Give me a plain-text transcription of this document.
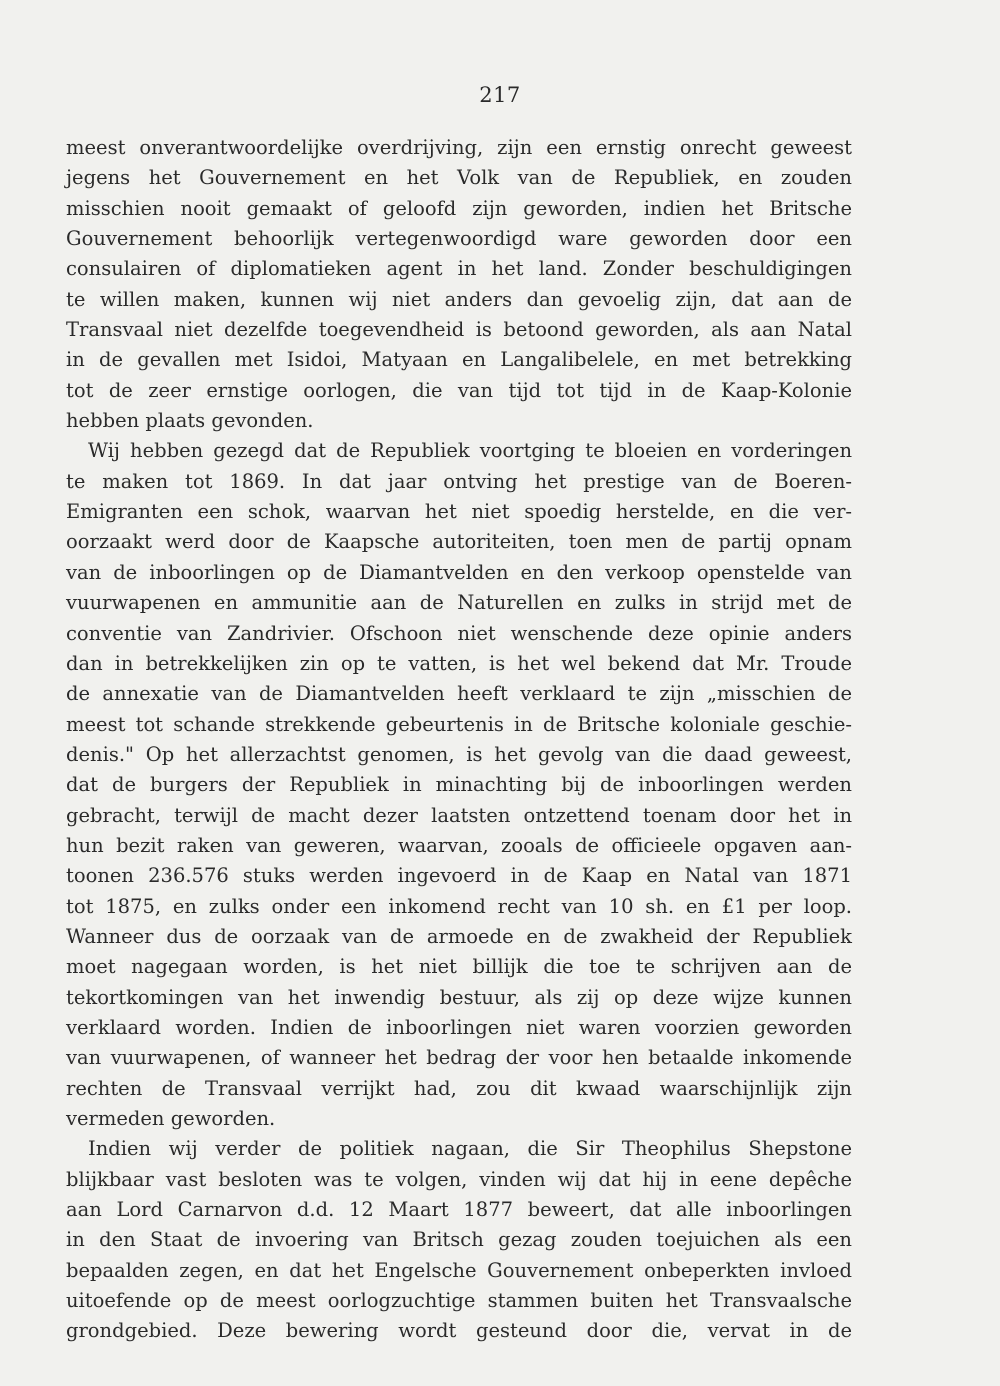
217
meest onverantwoordelijke overdrijving, zijn een ernstig onrecht geweest
jegens het Gouvernement en het Volk van de Republiek, en zouden
misschien nooit gemaakt of geloofd zijn geworden, indien het Britsche
Gouvernement behoorlijk vertegenwoordigd ware geworden door een
consulairen of diplomatieken agent in het land. Zonder beschuldigingen
te willen maken, kunnen wij niet anders dan gevoelig zijn, dat aan de
Transvaal niet dezelfde toegevendheid is betoond geworden, als aan Natal
in de gevallen met Isidoi, Matyaan en Langalibelele, en met betrekking
tot de zeer ernstige oorlogen, die van tijd tot tijd in de Kaap-Kolonie
hebben plaats gevonden.
Wij hebben gezegd dat de Republiek voortging te bloeien en vorderingen
te maken tot 1869. In dat jaar ontving het prestige van de Boeren-
Emigranten een schok, waarvan het niet spoedig herstelde, en die ver-
oorzaakt werd door de Kaapsche autoriteiten, toen men de partij opnam
van de inboorlingen op de Diamantvelden en den verkoop openstelde van
vuurwapenen en ammunitie aan de Naturellen en zulks in strijd met de
conventie van Zandrivier. Ofschoon niet wenschende deze opinie anders
dan in betrekkelijken zin op te vatten, is het wel bekend dat Mr. Troude
de annexatie van de Diamantvelden heeft verklaard te zijn „misschien de
meest tot schande strekkende gebeurtenis in de Britsche koloniale geschie-
denis." Op het allerzachtst genomen, is het gevolg van die daad geweest,
dat de burgers der Republiek in minachting bij de inboorlingen werden
gebracht, terwijl de macht dezer laatsten ontzettend toenam door het in
hun bezit raken van geweren, waarvan, zooals de officieele opgaven aan-
toonen 236.576 stuks werden ingevoerd in de Kaap en Natal van 1871
tot 1875, en zulks onder een inkomend recht van 10 sh. en £1 per loop.
Wanneer dus de oorzaak van de armoede en de zwakheid der Republiek
moet nagegaan worden, is het niet billijk die toe te schrijven aan de
tekortkomingen van het inwendig bestuur, als zij op deze wijze kunnen
verklaard worden. Indien de inboorlingen niet waren voorzien geworden
van vuurwapenen, of wanneer het bedrag der voor hen betaalde inkomende
rechten de Transvaal verrijkt had, zou dit kwaad waarschijnlijk zijn
vermeden geworden.
Indien wij verder de politiek nagaan, die Sir Theophilus Shepstone
blijkbaar vast besloten was te volgen, vinden wij dat hij in eene depêche
aan Lord Carnarvon d.d. 12 Maart 1877 beweert, dat alle inboorlingen
in den Staat de invoering van Britsch gezag zouden toejuichen als een
bepaalden zegen, en dat het Engelsche Gouvernement onbeperkten invloed
uitoefende op de meest oorlogzuchtige stammen buiten het Transvaalsche
grondgebied. Deze bewering wordt gesteund door die, vervat in de
